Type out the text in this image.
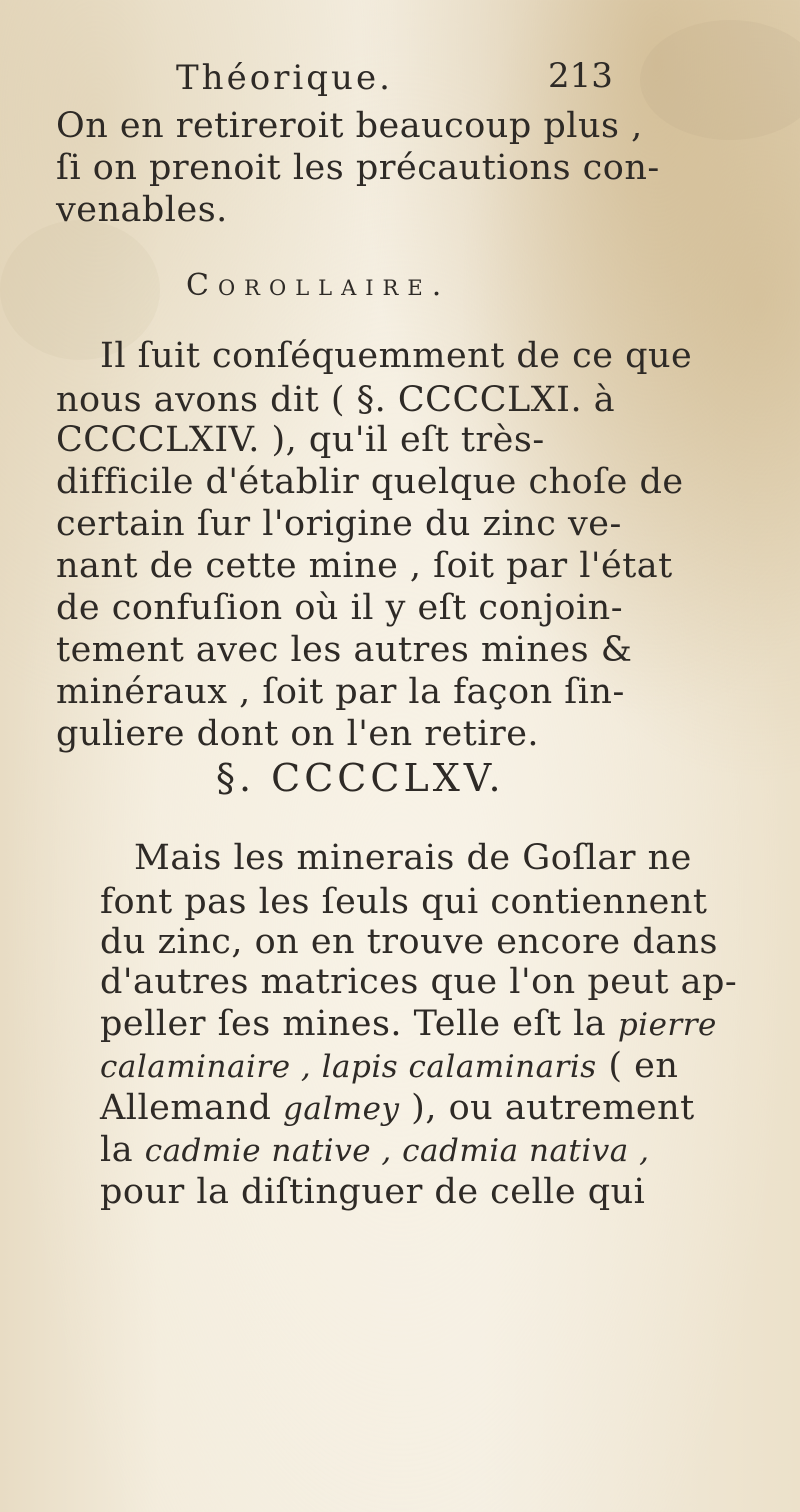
Théorique.	213
On en retireroit beaucoup plus ,
ſi on prenoit les précautions con-
venables.
Corollaire.
Il ſuit conſéquemment de ce que
nous avons dit ( §. CCCCLXI. à
CCCCLXIV. ), qu'il eſt très-
difficile d'établir quelque choſe de
certain ſur l'origine du zinc ve-
nant de cette mine , ſoit par l'état
de confuſion où il y eſt conjoin-
tement avec les autres mines &
minéraux , ſoit par la façon ſin-
guliere dont on l'en retire.
§. CCCCLXV.
Mais les minerais de Goſlar ne
font pas les ſeuls qui contiennent
du zinc, on en trouve encore dans
d'autres matrices que l'on peut ap-
peller ſes mines. Telle eſt la pierre
calaminaire , lapis calaminaris ( en
Allemand galmey ), ou autrement
la cadmie native , cadmia nativa ,
pour la diſtinguer de celle qui
